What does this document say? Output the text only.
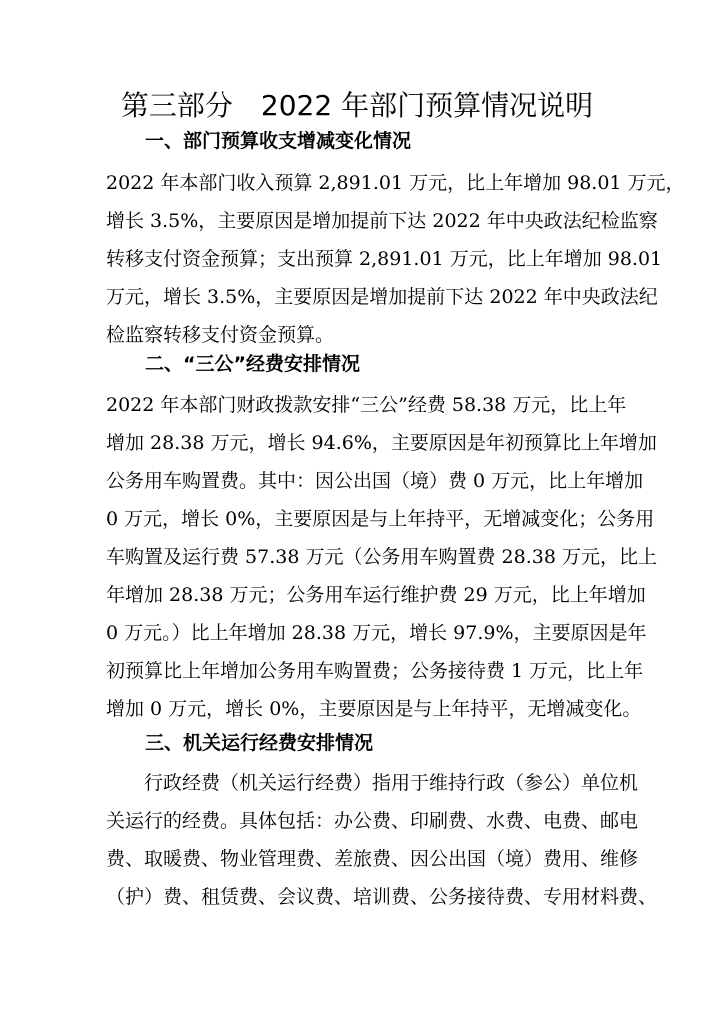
第三部分　2022 年部门预算情况说明
一、部门预算收支增减变化情况
2022 年本部门收入预算 2,891.01 万元，比上年增加 98.01 万元，
增长 3.5%，主要原因是增加提前下达 2022 年中央政法纪检监察
转移支付资金预算；支出预算 2,891.01 万元，比上年增加 98.01
万元，增长 3.5%，主要原因是增加提前下达 2022 年中央政法纪
检监察转移支付资金预算。
二、“三公”经费安排情况
2022 年本部门财政拨款安排“三公”经费 58.38 万元，比上年
增加 28.38 万元，增长 94.6%，主要原因是年初预算比上年增加
公务用车购置费。其中：因公出国（境）费 0 万元，比上年增加
0 万元，增长 0%，主要原因是与上年持平，无增减变化；公务用
车购置及运行费 57.38 万元（公务用车购置费 28.38 万元，比上
年增加 28.38 万元；公务用车运行维护费 29 万元，比上年增加
0 万元。）比上年增加 28.38 万元，增长 97.9%，主要原因是年
初预算比上年增加公务用车购置费；公务接待费 1 万元，比上年
增加 0 万元，增长 0%，主要原因是与上年持平，无增减变化。
三、机关运行经费安排情况
行政经费（机关运行经费）指用于维持行政（参公）单位机
关运行的经费。具体包括：办公费、印刷费、水费、电费、邮电
费、取暖费、物业管理费、差旅费、因公出国（境）费用、维修
（护）费、租赁费、会议费、培训费、公务接待费、专用材料费、
